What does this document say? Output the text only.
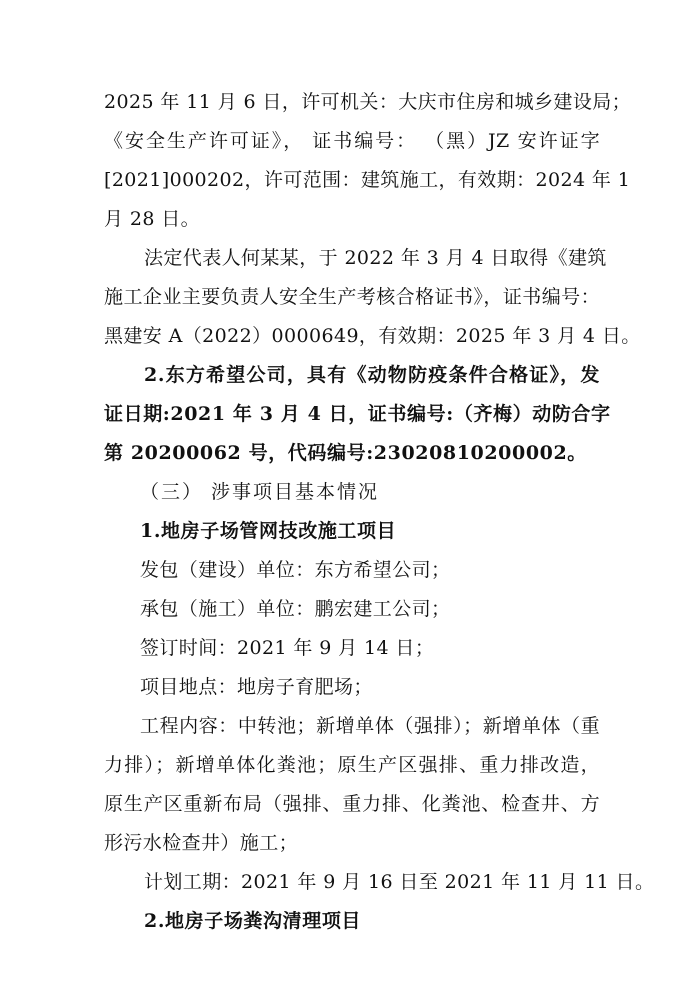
2025 年 11 月 6 日，许可机关：大庆市住房和城乡建设局；
《安全生产许可证》， 证书编号： （黑）JZ 安许证字
[2021]000202，许可范围：建筑施工，有效期：2024 年 1
月 28 日。
法定代表人何某某，于 2022 年 3 月 4 日取得《建筑
施工企业主要负责人安全生产考核合格证书》，证书编号：
黑建安 A（2022）0000649，有效期：2025 年 3 月 4 日。
2.东方希望公司，具有《动物防疫条件合格证》，发
证日期:2021 年 3 月 4 日，证书编号:（齐梅）动防合字
第 20200062 号，代码编号:23020810200002。
（三） 涉事项目基本情况
1.地房子场管网技改施工项目
发包（建设）单位：东方希望公司；
承包（施工）单位：鹏宏建工公司；
签订时间：2021 年 9 月 14 日；
项目地点：地房子育肥场；
工程内容：中转池；新增单体（强排）；新增单体（重
力排）；新增单体化粪池；原生产区强排、重力排改造，
原生产区重新布局（强排、重力排、化粪池、检查井、方
形污水检查井）施工；
计划工期：2021 年 9 月 16 日至 2021 年 11 月 11 日。
2.地房子场粪沟清理项目
